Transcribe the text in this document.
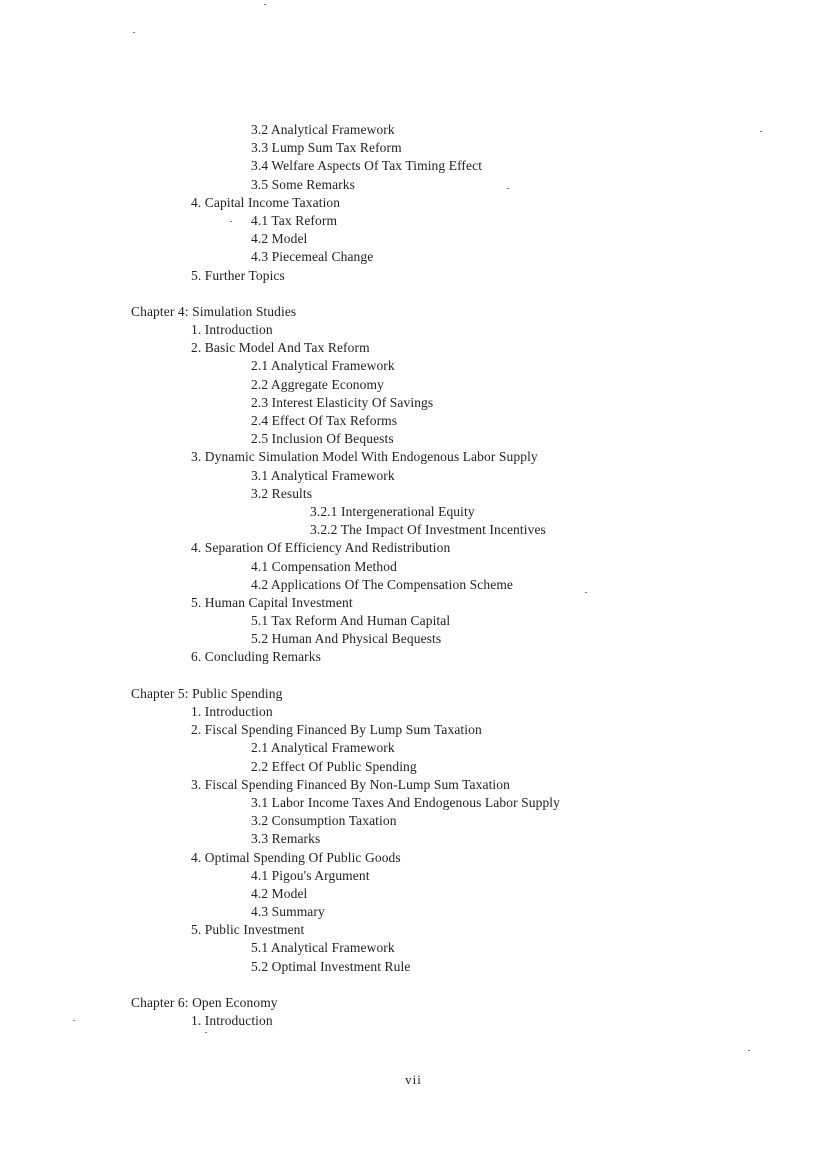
3.2 Analytical Framework
3.3 Lump Sum Tax Reform
3.4 Welfare Aspects Of Tax Timing Effect
3.5 Some Remarks
4. Capital Income Taxation
4.1 Tax Reform
4.2 Model
4.3 Piecemeal Change
5. Further Topics
Chapter 4: Simulation Studies
1. Introduction
2. Basic Model And Tax Reform
2.1 Analytical Framework
2.2 Aggregate Economy
2.3 Interest Elasticity Of Savings
2.4 Effect Of Tax Reforms
2.5 Inclusion Of Bequests
3. Dynamic Simulation Model With Endogenous Labor Supply
3.1 Analytical Framework
3.2 Results
3.2.1 Intergenerational Equity
3.2.2 The Impact Of Investment Incentives
4. Separation Of Efficiency And Redistribution
4.1 Compensation Method
4.2 Applications Of The Compensation Scheme
5. Human Capital Investment
5.1 Tax Reform And Human Capital
5.2 Human And Physical Bequests
6. Concluding Remarks
Chapter 5: Public Spending
1. Introduction
2. Fiscal Spending Financed By Lump Sum Taxation
2.1 Analytical Framework
2.2 Effect Of Public Spending
3. Fiscal Spending Financed By Non-Lump Sum Taxation
3.1 Labor Income Taxes And Endogenous Labor Supply
3.2 Consumption Taxation
3.3 Remarks
4. Optimal Spending Of Public Goods
4.1 Pigou's Argument
4.2 Model
4.3 Summary
5. Public Investment
5.1 Analytical Framework
5.2 Optimal Investment Rule
Chapter 6: Open Economy
1. Introduction
vii
